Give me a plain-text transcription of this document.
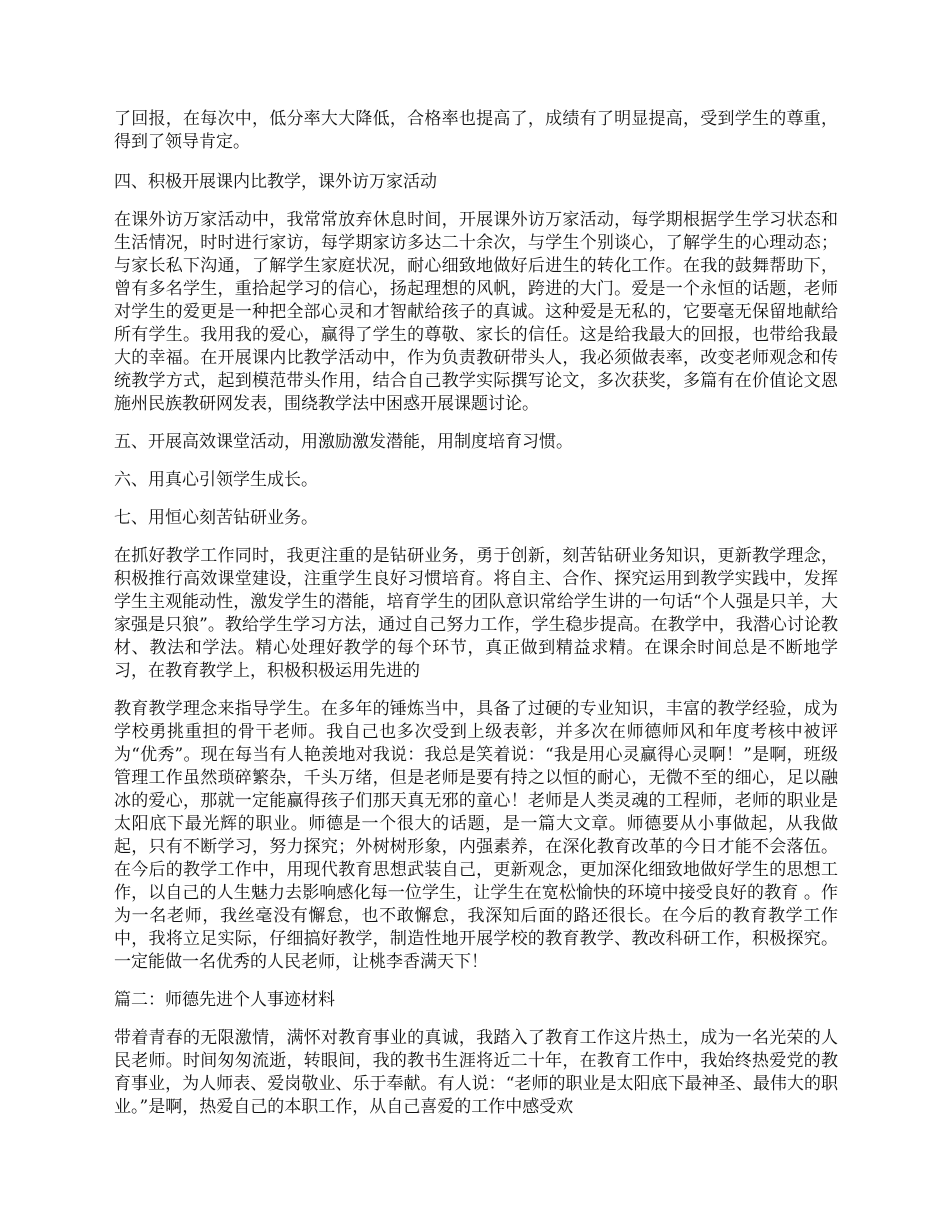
了回报，在每次中，低分率大大降低，合格率也提高了，成绩有了明显提高，受到学生的尊重，得到了领导肯定。

四、积极开展课内比教学，课外访万家活动

在课外访万家活动中，我常常放弃休息时间，开展课外访万家活动，每学期根据学生学习状态和生活情况，时时进行家访，每学期家访多达二十余次，与学生个别谈心，了解学生的心理动态；与家长私下沟通，了解学生家庭状况，耐心细致地做好后进生的转化工作。在我的鼓舞帮助下，曾有多名学生，重拾起学习的信心，扬起理想的风帆，跨进的大门。爱是一个永恒的话题，老师对学生的爱更是一种把全部心灵和才智献给孩子的真诚。这种爱是无私的，它要毫无保留地献给所有学生。我用我的爱心，赢得了学生的尊敬、家长的信任。这是给我最大的回报，也带给我最大的幸福。在开展课内比教学活动中，作为负责教研带头人，我必须做表率，改变老师观念和传统教学方式，起到模范带头作用，结合自己教学实际撰写论文，多次获奖，多篇有在价值论文恩施州民族教研网发表，围绕教学法中困惑开展课题讨论。

五、开展高效课堂活动，用激励激发潜能，用制度培育习惯。

六、用真心引领学生成长。

七、用恒心刻苦钻研业务。

在抓好教学工作同时，我更注重的是钻研业务，勇于创新，刻苦钻研业务知识，更新教学理念，积极推行高效课堂建设，注重学生良好习惯培育。将自主、合作、探究运用到教学实践中，发挥学生主观能动性，激发学生的潜能，培育学生的团队意识常给学生讲的一句话“个人强是只羊，大家强是只狼”。教给学生学习方法，通过自己努力工作，学生稳步提高。在教学中，我潜心讨论教材、教法和学法。精心处理好教学的每个环节，真正做到精益求精。在课余时间总是不断地学习，在教育教学上，积极积极运用先进的

教育教学理念来指导学生。在多年的锤炼当中，具备了过硬的专业知识，丰富的教学经验，成为学校勇挑重担的骨干老师。我自己也多次受到上级表彰，并多次在师德师风和年度考核中被评为“优秀”。现在每当有人艳羡地对我说：我总是笑着说：“我是用心灵赢得心灵啊！”是啊，班级管理工作虽然琐碎繁杂，千头万绪，但是老师是要有持之以恒的耐心，无微不至的细心，足以融冰的爱心，那就一定能赢得孩子们那天真无邪的童心！老师是人类灵魂的工程师，老师的职业是太阳底下最光辉的职业。师德是一个很大的话题，是一篇大文章。师德要从小事做起，从我做起，只有不断学习，努力探究；外树树形象，内强素养，在深化教育改革的今日才能不会落伍。在今后的教学工作中，用现代教育思想武装自己，更新观念，更加深化细致地做好学生的思想工作，以自己的人生魅力去影响感化每一位学生，让学生在宽松愉快的环境中接受良好的教育 。作为一名老师，我丝毫没有懈怠，也不敢懈怠，我深知后面的路还很长。在今后的教育教学工作中，我将立足实际，仔细搞好教学，制造性地开展学校的教育教学、教改科研工作，积极探究。一定能做一名优秀的人民老师，让桃李香满天下！

篇二：师德先进个人事迹材料

带着青春的无限激情，满怀对教育事业的真诚，我踏入了教育工作这片热土，成为一名光荣的人民老师。时间匆匆流逝，转眼间，我的教书生涯将近二十年，在教育工作中，我始终热爱党的教育事业，为人师表、爱岗敬业、乐于奉献。有人说：“老师的职业是太阳底下最神圣、最伟大的职业。”是啊，热爱自己的本职工作，从自己喜爱的工作中感受欢
